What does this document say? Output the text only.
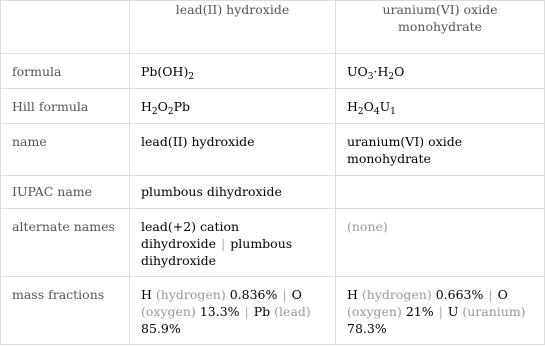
	lead(II) hydroxide	uranium(VI) oxide monohydrate
formula	$Pb(OH)_2$	$UO_3\cdot H_2O$
Hill formula	$H_2O_2Pb$	$H_2O_4U_1$
name	lead(II) hydroxide	uranium(VI) oxide monohydrate
IUPAC name	plumbous dihydroxide	
alternate names	lead(+2) cation dihydroxide | plumbous dihydroxide	(none)
mass fractions	H (hydrogen) 0.836% | O (oxygen) 13.3% | Pb (lead) 85.9%	H (hydrogen) 0.663% | O (oxygen) 21% | U (uranium) 78.3%
